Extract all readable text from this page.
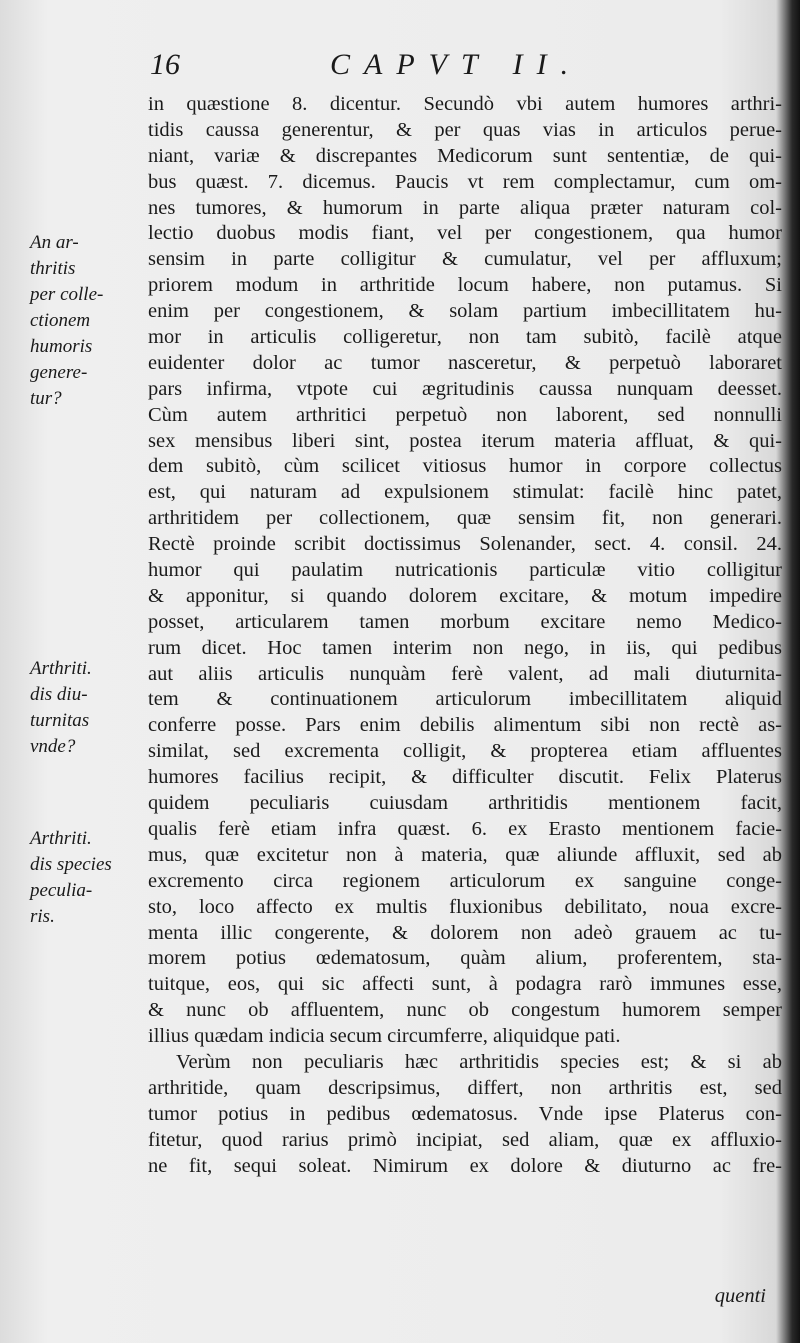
16	CAPVT II.
An ar-
thritis
per colle-
ctionem
humoris
genere-
tur?
Arthriti.
dis diu-
turnitas
vnde?
Arthriti.
dis species
peculia-
ris.
in quæstione 8. dicentur. Secundò vbi autem humores arthri-
tidis caussa generentur, & per quas vias in articulos perue-
niant, variæ & discrepantes Medicorum sunt sententiæ, de qui-
bus quæst. 7. dicemus. Paucis vt rem complectamur, cum om-
nes tumores, & humorum in parte aliqua præter naturam col-
lectio duobus modis fiant, vel per congestionem, qua humor
sensim in parte colligitur & cumulatur, vel per affluxum;
priorem modum in arthritide locum habere, non putamus. Si
enim per congestionem, & solam partium imbecillitatem hu-
mor in articulis colligeretur, non tam subitò, facilè atque
euidenter dolor ac tumor nasceretur, & perpetuò laboraret
pars infirma, vtpote cui ægritudinis caussa nunquam deesset.
Cùm autem arthritici perpetuò non laborent, sed nonnulli
sex mensibus liberi sint, postea iterum materia affluat, & qui-
dem subitò, cùm scilicet vitiosus humor in corpore collectus
est, qui naturam ad expulsionem stimulat: facilè hinc patet,
arthritidem per collectionem, quæ sensim fit, non generari.
Rectè proinde scribit doctissimus Solenander, sect. 4. consil. 24.
humor qui paulatim nutricationis particulæ vitio colligitur
& apponitur, si quando dolorem excitare, & motum impedire
posset, articularem tamen morbum excitare nemo Medico-
rum dicet. Hoc tamen interim non nego, in iis, qui pedibus
aut aliis articulis nunquàm ferè valent, ad mali diuturnita-
tem & continuationem articulorum imbecillitatem aliquid
conferre posse. Pars enim debilis alimentum sibi non rectè as-
similat, sed excrementa colligit, & propterea etiam affluentes
humores facilius recipit, & difficulter discutit. Felix Platerus
quidem peculiaris cuiusdam arthritidis mentionem facit,
qualis ferè etiam infra quæst. 6. ex Erasto mentionem facie-
mus, quæ excitetur non à materia, quæ aliunde affluxit, sed ab
excremento circa regionem articulorum ex sanguine conge-
sto, loco affecto ex multis fluxionibus debilitato, noua excre-
menta illic congerente, & dolorem non adeò grauem ac tu-
morem potius œdematosum, quàm alium, proferentem, sta-
tuitque, eos, qui sic affecti sunt, à podagra rarò immunes esse,
& nunc ob affluentem, nunc ob congestum humorem semper
illius quædam indicia secum circumferre, aliquidque pati.
Verùm non peculiaris hæc arthritidis species est; & si ab
arthritide, quam descripsimus, differt, non arthritis est, sed
tumor potius in pedibus œdematosus. Vnde ipse Platerus con-
fitetur, quod rarius primò incipiat, sed aliam, quæ ex affluxio-
ne fit, sequi soleat. Nimirum ex dolore & diuturno ac fre-
quenti
